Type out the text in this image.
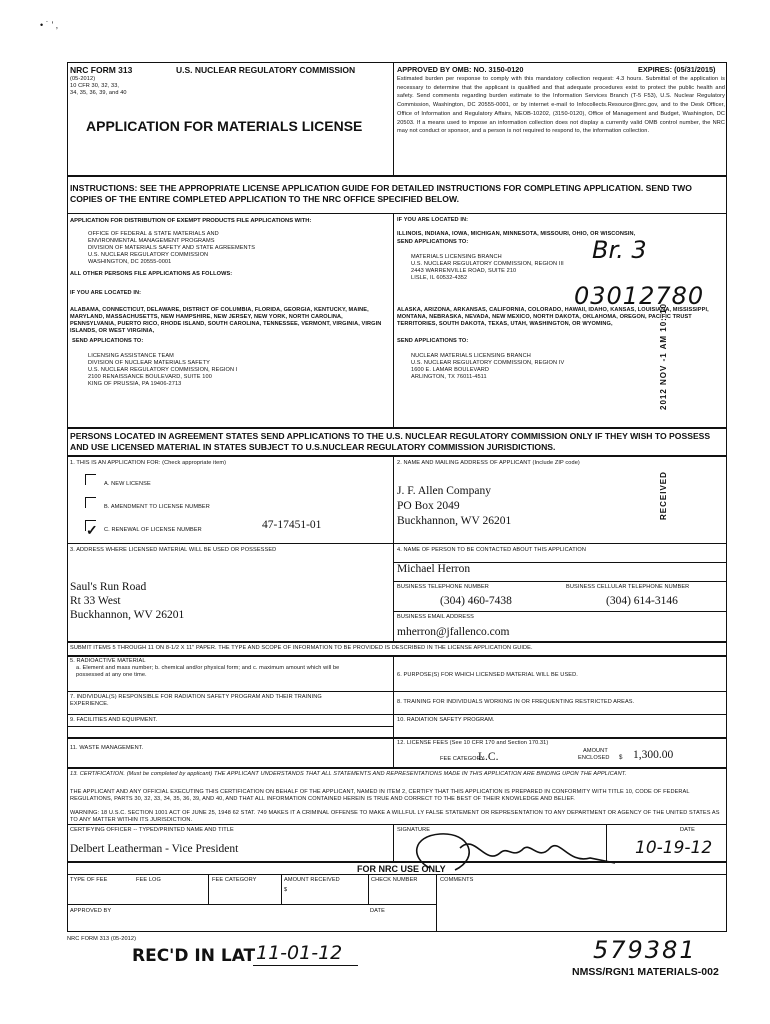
• ˙ ’ ‚
NRC FORM 313	U.S. NUCLEAR REGULATORY COMMISSION
(05-2012)
10 CFR 30, 32, 33,
34, 35, 36, 39, and 40
APPLICATION FOR MATERIALS LICENSE
APPROVED BY OMB: NO. 3150-0120	EXPIRES: (05/31/2015)
Estimated burden per response to comply with this mandatory collection request: 4.3 hours. Submittal of the application is necessary to determine that the applicant is qualified and that adequate procedures exist to protect the public health and safety. Send comments regarding burden estimate to the Information Services Branch (T-5 F53), U.S. Nuclear Regulatory Commission, Washington, DC 20555-0001, or by internet e-mail to Infocollects.Resource@nrc.gov, and to the Desk Officer, Office of Information and Regulatory Affairs, NEOB-10202, (3150-0120), Office of Management and Budget, Washington, DC 20503. If a means used to impose an information collection does not display a currently valid OMB control number, the NRC may not conduct or sponsor, and a person is not required to respond to, the information collection.
INSTRUCTIONS: SEE THE APPROPRIATE LICENSE APPLICATION GUIDE FOR DETAILED INSTRUCTIONS FOR COMPLETING APPLICATION. SEND TWO COPIES OF THE ENTIRE COMPLETED APPLICATION TO THE NRC OFFICE SPECIFIED BELOW.
APPLICATION FOR DISTRIBUTION OF EXEMPT PRODUCTS FILE APPLICATIONS WITH:
OFFICE OF FEDERAL & STATE MATERIALS AND
ENVIRONMENTAL MANAGEMENT PROGRAMS
DIVISION OF MATERIALS SAFETY AND STATE AGREEMENTS
U.S. NUCLEAR REGULATORY COMMISSION
WASHINGTON, DC 20555-0001
ALL OTHER PERSONS FILE APPLICATIONS AS FOLLOWS:
IF YOU ARE LOCATED IN:
ALABAMA, CONNECTICUT, DELAWARE, DISTRICT OF COLUMBIA, FLORIDA, GEORGIA, KENTUCKY, MAINE, MARYLAND, MASSACHUSETTS, NEW HAMPSHIRE, NEW JERSEY, NEW YORK, NORTH CAROLINA, PENNSYLVANIA, PUERTO RICO, RHODE ISLAND, SOUTH CAROLINA, TENNESSEE, VERMONT, VIRGINIA, VIRGIN ISLANDS, OR WEST VIRGINIA,
SEND APPLICATIONS TO:
LICENSING ASSISTANCE TEAM
DIVISION OF NUCLEAR MATERIALS SAFETY
U.S. NUCLEAR REGULATORY COMMISSION, REGION I
2100 RENAISSANCE BOULEVARD, SUITE 100
KING OF PRUSSIA, PA 19406-2713
IF YOU ARE LOCATED IN:
ILLINOIS, INDIANA, IOWA, MICHIGAN, MINNESOTA, MISSOURI, OHIO, OR WISCONSIN,
SEND APPLICATIONS TO:
MATERIALS LICENSING BRANCH
U.S. NUCLEAR REGULATORY COMMISSION, REGION III
2443 WARRENVILLE ROAD, SUITE 210
LISLE, IL 60532-4352
Br. 3
03012780
ALASKA, ARIZONA, ARKANSAS, CALIFORNIA, COLORADO, HAWAII, IDAHO, KANSAS, LOUISIANA, MISSISSIPPI, MONTANA, NEBRASKA, NEVADA, NEW MEXICO, NORTH DAKOTA, OKLAHOMA, OREGON, PACIFIC TRUST TERRITORIES, SOUTH DAKOTA, TEXAS, UTAH, WASHINGTON, OR WYOMING,
SEND APPLICATIONS TO:
NUCLEAR MATERIALS LICENSING BRANCH
U.S. NUCLEAR REGULATORY COMMISSION, REGION IV
1600 E. LAMAR BOULEVARD
ARLINGTON, TX 76011-4511	2012 NOV -1 AM 10: 10
RECEIVED
PERSONS LOCATED IN AGREEMENT STATES SEND APPLICATIONS TO THE U.S. NUCLEAR REGULATORY COMMISSION ONLY IF THEY WISH TO POSSESS AND USE LICENSED MATERIAL IN STATES SUBJECT TO U.S.NUCLEAR REGULATORY COMMISSION JURISDICTIONS.
1. THIS IS AN APPLICATION FOR: (Check appropriate item)
A. NEW LICENSE
B. AMENDMENT TO LICENSE NUMBER
✓ C. RENEWAL OF LICENSE NUMBER	47-17451-01
2. NAME AND MAILING ADDRESS OF APPLICANT (Include ZIP code)
J. F. Allen Company
PO Box 2049
Buckhannon, WV 26201
3. ADDRESS WHERE LICENSED MATERIAL WILL BE USED OR POSSESSED
Saul's Run Road
Rt 33 West
Buckhannon, WV 26201
4. NAME OF PERSON TO BE CONTACTED ABOUT THIS APPLICATION
Michael Herron
BUSINESS TELEPHONE NUMBER	BUSINESS CELLULAR TELEPHONE NUMBER
(304) 460-7438	(304) 614-3146
BUSINESS EMAIL ADDRESS
mherron@jfallenco.com
SUBMIT ITEMS 5 THROUGH 11 ON 8-1/2 X 11" PAPER. THE TYPE AND SCOPE OF INFORMATION TO BE PROVIDED IS DESCRIBED IN THE LICENSE APPLICATION GUIDE.
5. RADIOACTIVE MATERIAL
a. Element and mass number; b. chemical and/or physical form; and c. maximum amount which will be possessed at any one time.	6. PURPOSE(S) FOR WHICH LICENSED MATERIAL WILL BE USED.
7. INDIVIDUAL(S) RESPONSIBLE FOR RADIATION SAFETY PROGRAM AND THEIR TRAINING EXPERIENCE.	8. TRAINING FOR INDIVIDUALS WORKING IN OR FREQUENTING RESTRICTED AREAS.
9. FACILITIES AND EQUIPMENT.	10. RADIATION SAFETY PROGRAM.
11. WASTE MANAGEMENT.
12. LICENSE FEES (See 10 CFR 170 and Section 170.31)
FEE CATEGORY
L.C.	AMOUNT
ENCLOSED $ 1,300.00
13. CERTIFICATION. (Must be completed by applicant) THE APPLICANT UNDERSTANDS THAT ALL STATEMENTS AND REPRESENTATIONS MADE IN THIS APPLICATION ARE BINDING UPON THE APPLICANT.
THE APPLICANT AND ANY OFFICIAL EXECUTING THIS CERTIFICATION ON BEHALF OF THE APPLICANT, NAMED IN ITEM 2, CERTIFY THAT THIS APPLICATION IS PREPARED IN CONFORMITY WITH TITLE 10, CODE OF FEDERAL REGULATIONS, PARTS 30, 32, 33, 34, 35, 36, 39, AND 40, AND THAT ALL INFORMATION CONTAINED HEREIN IS TRUE AND CORRECT TO THE BEST OF THEIR KNOWLEDGE AND BELIEF.
WARNING: 18 U.S.C. SECTION 1001 ACT OF JUNE 25, 1948 62 STAT. 749 MAKES IT A CRIMINAL OFFENSE TO MAKE A WILLFUL LY FALSE STATEMENT OR REPRESENTATION TO ANY DEPARTMENT OR AGENCY OF THE UNITED STATES AS TO ANY MATTER WITHIN ITS JURISDICTION.
CERTIFYING OFFICER -- TYPED/PRINTED NAME AND TITLE
Delbert Leatherman - Vice President
SIGNATURE	DATE
10-19-12
FOR NRC USE ONLY
TYPE OF FEE	FEE LOG	FEE CATEGORY	AMOUNT RECEIVED
$
CHECK NUMBER	COMMENTS
APPROVED BY	DATE
NRC FORM 313 (05-2012)
REC'D IN LAT 11-01-12	579381
NMSS/RGN1 MATERIALS-002
